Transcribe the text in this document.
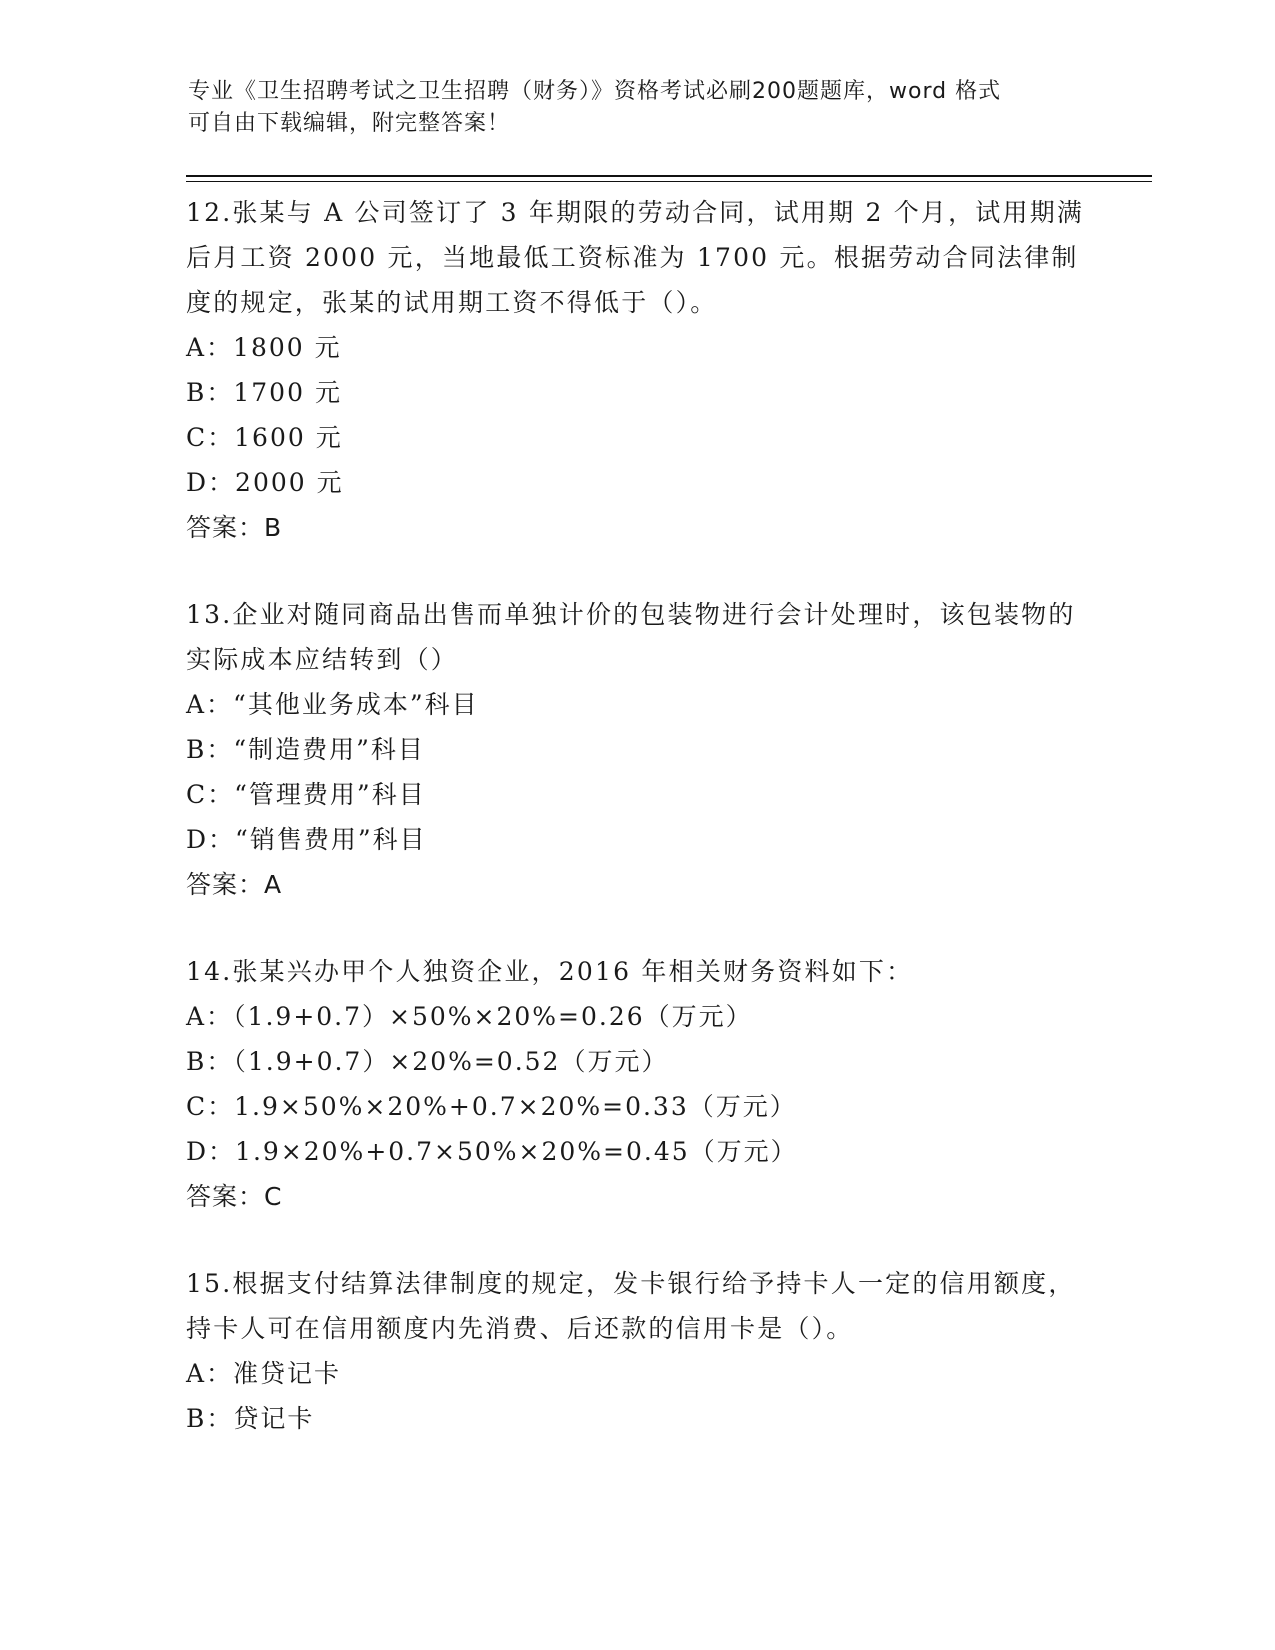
专业《卫生招聘考试之卫生招聘（财务）》资格考试必刷200题题库，word 格式
可自由下载编辑，附完整答案！

12.张某与 A 公司签订了 3 年期限的劳动合同，试用期 2 个月，试用期满后月工资 2000 元，当地最低工资标准为 1700 元。根据劳动合同法律制度的规定，张某的试用期工资不得低于（）。

A：1800 元
B：1700 元
C：1600 元
D：2000 元
答案：B

13.企业对随同商品出售而单独计价的包装物进行会计处理时，该包装物的实际成本应结转到（）

A：“其他业务成本”科目
B：“制造费用”科目
C：“管理费用”科目
D：“销售费用”科目
答案：A

14.张某兴办甲个人独资企业，2016 年相关财务资料如下：

A：（1.9+0.7）×50%×20%=0.26（万元）
B：（1.9+0.7）×20%=0.52（万元）
C：1.9×50%×20%+0.7×20%=0.33（万元）
D：1.9×20%+0.7×50%×20%=0.45（万元）
答案：C

15.根据支付结算法律制度的规定，发卡银行给予持卡人一定的信用额度，持卡人可在信用额度内先消费、后还款的信用卡是（）。

A：准贷记卡
B：贷记卡
